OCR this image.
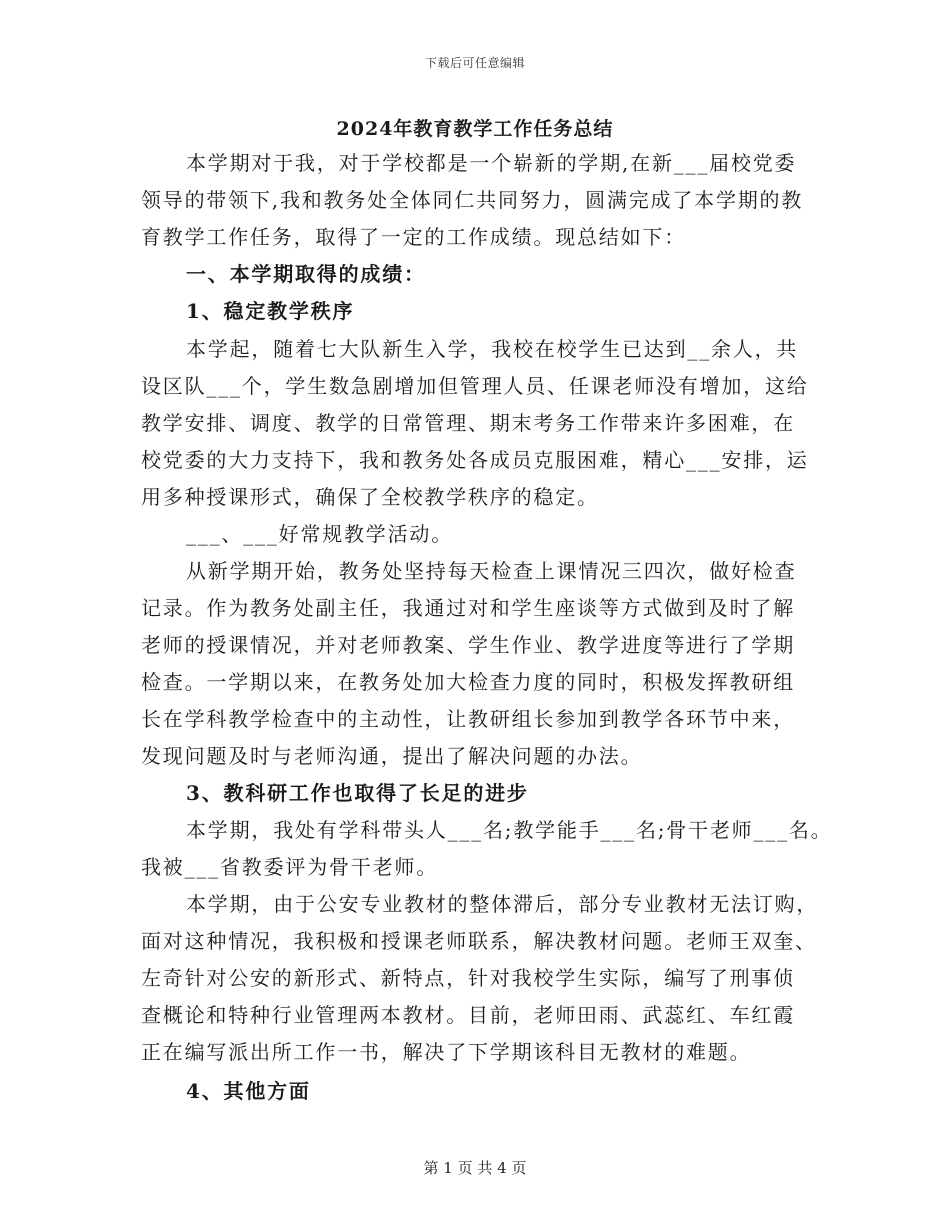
下载后可任意编辑
2024年教育教学工作任务总结
本学期对于我，对于学校都是一个崭新的学期,在新___届校党委
领导的带领下,我和教务处全体同仁共同努力，圆满完成了本学期的教
育教学工作任务，取得了一定的工作成绩。现总结如下：
一、本学期取得的成绩：
1、稳定教学秩序
本学起，随着七大队新生入学，我校在校学生已达到__余人，共
设区队___个，学生数急剧增加但管理人员、任课老师没有增加，这给
教学安排、调度、教学的日常管理、期末考务工作带来许多困难，在
校党委的大力支持下，我和教务处各成员克服困难，精心___安排，运
用多种授课形式，确保了全校教学秩序的稳定。
___、___好常规教学活动。
从新学期开始，教务处坚持每天检查上课情况三四次，做好检查
记录。作为教务处副主任，我通过对和学生座谈等方式做到及时了解
老师的授课情况，并对老师教案、学生作业、教学进度等进行了学期
检查。一学期以来，在教务处加大检查力度的同时，积极发挥教研组
长在学科教学检查中的主动性，让教研组长参加到教学各环节中来，
发现问题及时与老师沟通，提出了解决问题的办法。
3、教科研工作也取得了长足的进步
本学期，我处有学科带头人___名;教学能手___名;骨干老师___名。
我被___省教委评为骨干老师。
本学期，由于公安专业教材的整体滞后，部分专业教材无法订购，
面对这种情况，我积极和授课老师联系，解决教材问题。老师王双奎、
左奇针对公安的新形式、新特点，针对我校学生实际，编写了刑事侦
查概论和特种行业管理两本教材。目前，老师田雨、武蕊红、车红霞
正在编写派出所工作一书，解决了下学期该科目无教材的难题。
4、其他方面
第 1 页 共 4 页
